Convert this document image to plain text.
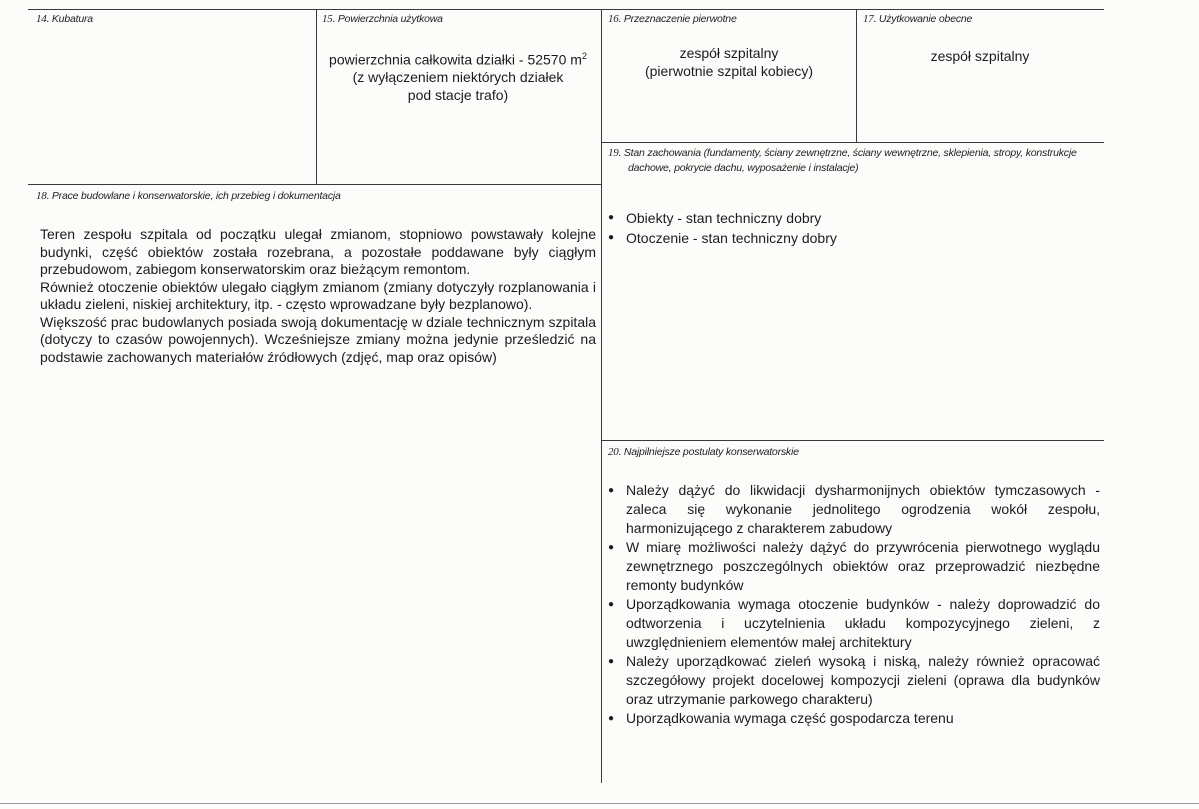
14. Kubatura	15. Powierzchnia użytkowa
powierzchnia całkowita działki - 52570 $m^2$
(z wyłączeniem niektórych działek
pod stacje trafo)
16. Przeznaczenie pierwotne
zespół szpitalny
(pierwotnie szpital kobiecy)
17. Użytkowanie obecne
zespół szpitalny
19. Stan zachowania (fundamenty, ściany zewnętrzne, ściany wewnętrzne, sklepienia, stropy, konstrukcje
dachowe, pokrycie dachu, wyposażenie i instalacje)
● Obiekty - stan techniczny dobry
● Otoczenie - stan techniczny dobry
18. Prace budowlane i konserwatorskie, ich przebieg i dokumentacja

Teren zespołu szpitala od początku ulegał zmianom, stopniowo powstawały kolejne budynki, część obiektów została rozebrana, a pozostałe poddawane były ciągłym przebudowom, zabiegom konserwatorskim oraz bieżącym remontom.

Również otoczenie obiektów ulegało ciągłym zmianom (zmiany dotyczyły rozplanowania i układu zieleni, niskiej architektury, itp. - często wprowadzane były bezplanowo).

Większość prac budowlanych posiada swoją dokumentację w dziale technicznym szpitala (dotyczy to czasów powojennych). Wcześniejsze zmiany można jedynie prześledzić na podstawie zachowanych materiałów źródłowych (zdjęć, map oraz opisów)

20. Najpilniejsze postulaty konserwatorskie
● Należy dążyć do likwidacji dysharmonijnych obiektów tymczasowych - zaleca się wykonanie jednolitego ogrodzenia wokół zespołu, harmonizującego z charakterem zabudowy
● W miarę możliwości należy dążyć do przywrócenia pierwotnego wyglądu zewnętrznego poszczególnych obiektów oraz przeprowadzić niezbędne remonty budynków
● Uporządkowania wymaga otoczenie budynków - należy doprowadzić do odtworzenia i uczytelnienia układu kompozycyjnego zieleni, z uwzględnieniem elementów małej architektury
● Należy uporządkować zieleń wysoką i niską, należy również opracować szczegółowy projekt docelowej kompozycji zieleni (oprawa dla budynków oraz utrzymanie parkowego charakteru)
● Uporządkowania wymaga część gospodarcza terenu
